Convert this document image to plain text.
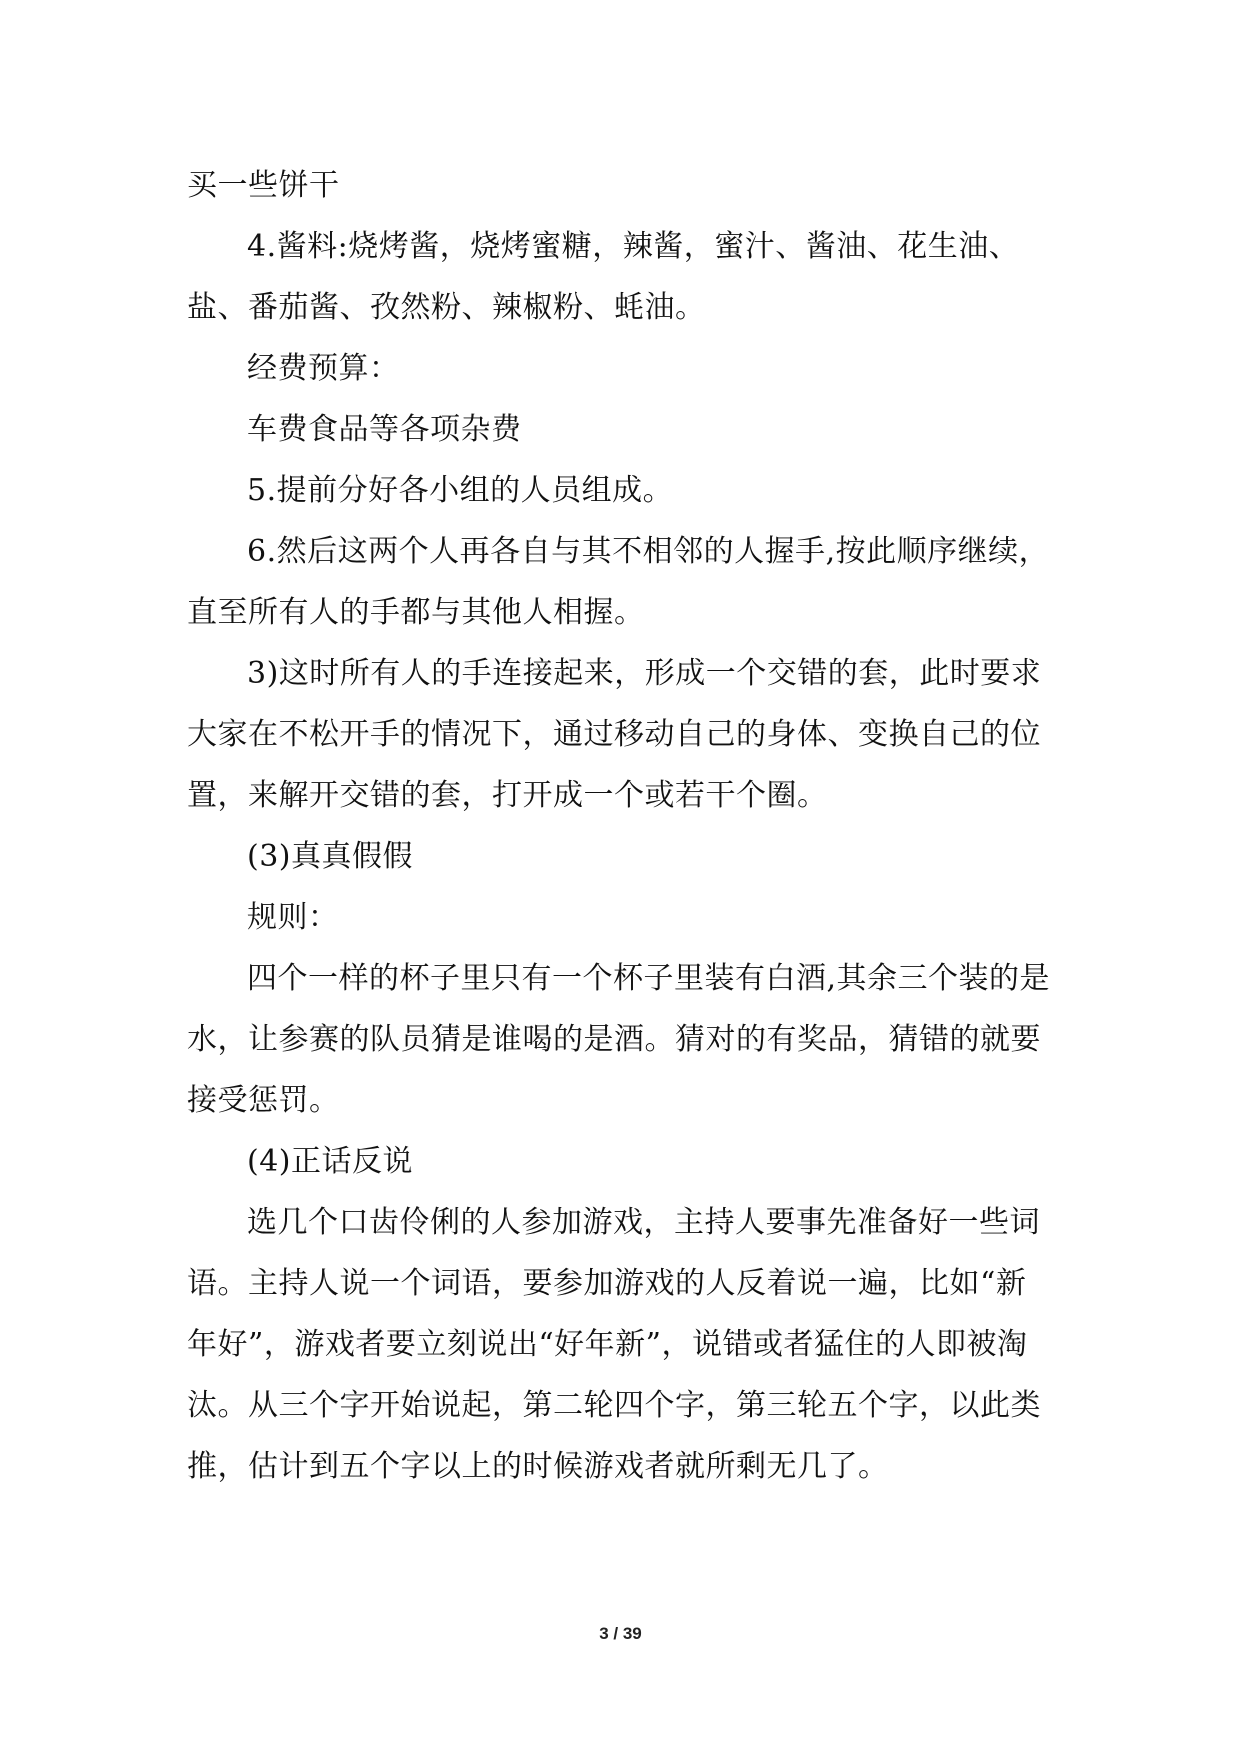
买一些饼干

4.酱料:烧烤酱，烧烤蜜糖，辣酱，蜜汁、酱油、花生油、盐、番茄酱、孜然粉、辣椒粉、蚝油。

经费预算：

车费食品等各项杂费

5.提前分好各小组的人员组成。

6.然后这两个人再各自与其不相邻的人握手,按此顺序继续，直至所有人的手都与其他人相握。

3)这时所有人的手连接起来，形成一个交错的套，此时要求大家在不松开手的情况下，通过移动自己的身体、变换自己的位置，来解开交错的套，打开成一个或若干个圈。

(3)真真假假

规则：

四个一样的杯子里只有一个杯子里装有白酒,其余三个装的是水，让参赛的队员猜是谁喝的是酒。猜对的有奖品，猜错的就要接受惩罚。

(4)正话反说

选几个口齿伶俐的人参加游戏，主持人要事先准备好一些词语。主持人说一个词语，要参加游戏的人反着说一遍，比如“新年好”，游戏者要立刻说出“好年新”，说错或者猛住的人即被淘汰。从三个字开始说起，第二轮四个字，第三轮五个字，以此类推，估计到五个字以上的时候游戏者就所剩无几了。

3 / 39
